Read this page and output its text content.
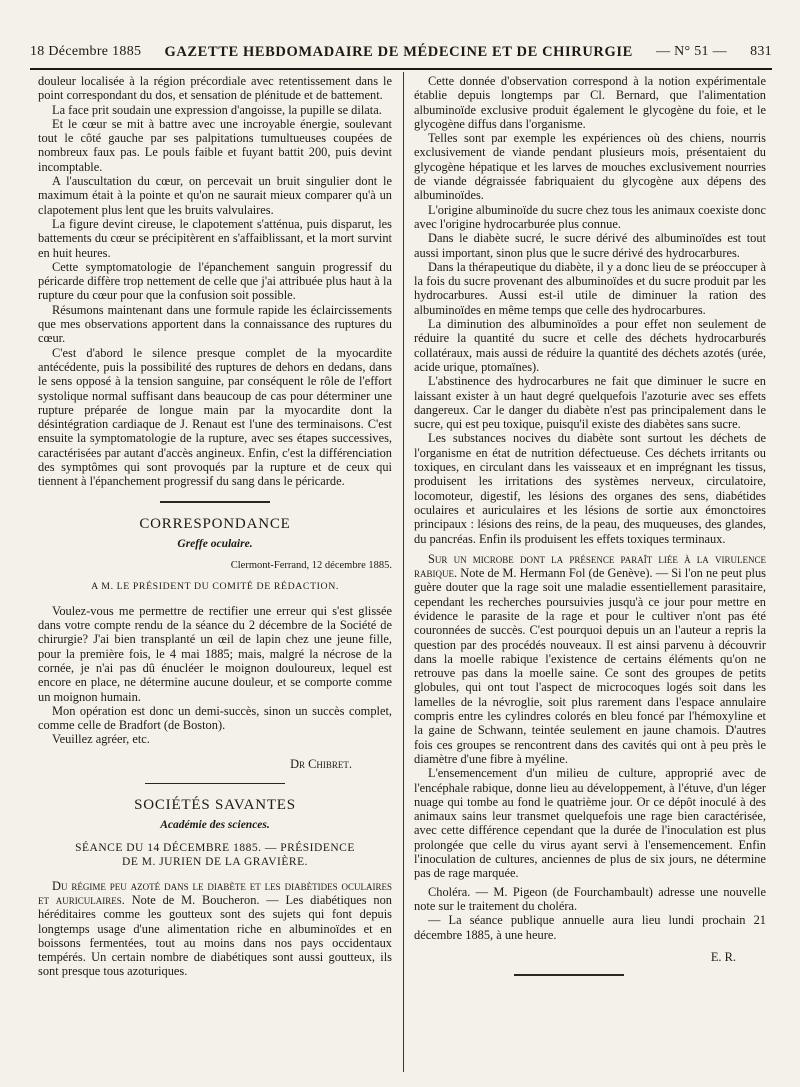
18 Décembre 1885 GAZETTE HEBDOMADAIRE DE MÉDECINE ET DE CHIRURGIE — N° 51 — 831

douleur localisée à la région précordiale avec retentissement dans le point correspondant du dos, et sensation de plénitude et de battement.

La face prit soudain une expression d'angoisse, la pupille se dilata.

Et le cœur se mit à battre avec une incroyable énergie, soulevant tout le côté gauche par ses palpitations tumultueuses coupées de nombreux faux pas. Le pouls faible et fuyant battit 200, puis devint incomptable.

A l'auscultation du cœur, on percevait un bruit singulier dont le maximum était à la pointe et qu'on ne saurait mieux comparer qu'à un clapotement plus lent que les bruits valvulaires.

La figure devint cireuse, le clapotement s'atténua, puis disparut, les battements du cœur se précipitèrent en s'affaiblissant, et la mort survint en huit heures.

Cette symptomatologie de l'épanchement sanguin progressif du péricarde diffère trop nettement de celle que j'ai attribuée plus haut à la rupture du cœur pour que la confusion soit possible.

Résumons maintenant dans une formule rapide les éclaircissements que mes observations apportent dans la connaissance des ruptures du cœur.

C'est d'abord le silence presque complet de la myocardite antécédente, puis la possibilité des ruptures de dehors en dedans, dans le sens opposé à la tension sanguine, par conséquent le rôle de l'effort systolique normal suffisant dans beaucoup de cas pour déterminer une rupture préparée de longue main par la myocardite dont la désintégration cardiaque de J. Renaut est l'une des terminaisons. C'est ensuite la symptomatologie de la rupture, avec ses étapes successives, caractérisées par autant d'accès angineux. Enfin, c'est la différenciation des symptômes qui sont provoqués par la rupture et de ceux qui tiennent à l'épanchement progressif du sang dans le péricarde.

CORRESPONDANCE
Greffe oculaire.
Clermont-Ferrand, 12 décembre 1885.
A M. LE PRÉSIDENT DU COMITÉ DE RÉDACTION.

Voulez-vous me permettre de rectifier une erreur qui s'est glissée dans votre compte rendu de la séance du 2 décembre de la Société de chirurgie? J'ai bien transplanté un œil de lapin chez une jeune fille, pour la première fois, le 4 mai 1885; mais, malgré la nécrose de la cornée, je n'ai pas dû énucléer le moignon douloureux, lequel est encore en place, ne détermine aucune douleur, et se comporte comme un moignon humain.

Mon opération est donc un demi-succès, sinon un succès complet, comme celle de Bradfort (de Boston).

Veuillez agréer, etc.

Dr Chibret.
SOCIÉTÉS SAVANTES
Académie des sciences.
SÉANCE DU 14 DÉCEMBRE 1885. — PRÉSIDENCE
DE M. JURIEN DE LA GRAVIÈRE.

Du régime peu azoté dans le diabète et les diabètides oculaires et auriculaires. Note de M. Boucheron. — Les diabétiques non héréditaires comme les goutteux sont des sujets qui font depuis longtemps usage d'une alimentation riche en albuminoïdes et en boissons fermentées, tout au moins dans nos pays occidentaux tempérés. Un certain nombre de diabétiques sont aussi goutteux, ils sont presque tous azoturiques.

Cette donnée d'observation correspond à la notion expérimentale établie depuis longtemps par Cl. Bernard, que l'alimentation albuminoïde exclusive produit également le glycogène du foie, et le glycogène diffus dans l'organisme.

Telles sont par exemple les expériences où des chiens, nourris exclusivement de viande pendant plusieurs mois, présentaient du glycogène hépatique et les larves de mouches exclusivement nourries de viande dégraissée fabriquaient du glycogène aux dépens des albuminoïdes.

L'origine albuminoïde du sucre chez tous les animaux coexiste donc avec l'origine hydrocarburée plus connue.

Dans le diabète sucré, le sucre dérivé des albuminoïdes est tout aussi important, sinon plus que le sucre dérivé des hydrocarbures.

Dans la thérapeutique du diabète, il y a donc lieu de se préoccuper à la fois du sucre provenant des albuminoïdes et du sucre produit par les hydrocarbures. Aussi est-il utile de diminuer la ration des albuminoïdes en même temps que celle des hydrocarbures.

La diminution des albuminoïdes a pour effet non seulement de réduire la quantité du sucre et celle des déchets hydrocarburés collatéraux, mais aussi de réduire la quantité des déchets azotés (urée, acide urique, ptomaïnes).

L'abstinence des hydrocarbures ne fait que diminuer le sucre en laissant exister à un haut degré quelquefois l'azoturie avec ses effets dangereux. Car le danger du diabète n'est pas principalement dans le sucre, qui est peu toxique, puisqu'il existe des diabètes sans sucre.

Les substances nocives du diabète sont surtout les déchets de l'organisme en état de nutrition défectueuse. Ces déchets irritants ou toxiques, en circulant dans les vaisseaux et en imprégnant les tissus, produisent les irritations des systèmes nerveux, circulatoire, locomoteur, digestif, les lésions des organes des sens, diabétides oculaires et auriculaires et les lésions de sortie aux émonctoires principaux : lésions des reins, de la peau, des muqueuses, des glandes, du pancréas. Enfin ils produisent les effets toxiques terminaux.

Sur un microbe dont la présence paraît liée à la virulence rabique. Note de M. Hermann Fol (de Genève). — Si l'on ne peut plus guère douter que la rage soit une maladie essentiellement parasitaire, cependant les recherches poursuivies jusqu'à ce jour pour mettre en évidence le parasite de la rage et pour le cultiver n'ont pas été couronnées de succès. C'est pourquoi depuis un an l'auteur a repris la question par des procédés nouveaux. Il est ainsi parvenu à découvrir dans la moelle rabique l'existence de certains éléments qu'on ne retrouve pas dans la moelle saine. Ce sont des groupes de petits globules, qui ont tout l'aspect de microcoques logés soit dans les lamelles de la névroglie, soit plus rarement dans l'espace annulaire compris entre les cylindres colorés en bleu foncé par l'hémoxyline et la gaine de Schwann, teintée seulement en jaune chamois. D'autres fois ces groupes se rencontrent dans des cavités qui ont à peu près le diamètre d'une fibre à myéline.

L'ensemencement d'un milieu de culture, approprié avec de l'encéphale rabique, donne lieu au développement, à l'étuve, d'un léger nuage qui tombe au fond le quatrième jour. Or ce dépôt inoculé à des animaux sains leur transmet quelquefois une rage bien caractérisée, avec cette différence cependant que la durée de l'inoculation est plus prolongée que celle du virus ayant servi à l'ensemencement. Enfin l'inoculation de cultures, anciennes de plus de six jours, ne détermine pas de rage marquée.

Choléra. — M. Pigeon (de Fourchambault) adresse une nouvelle note sur le traitement du choléra.

— La séance publique annuelle aura lieu lundi prochain 21 décembre 1885, à une heure.

E. R.
